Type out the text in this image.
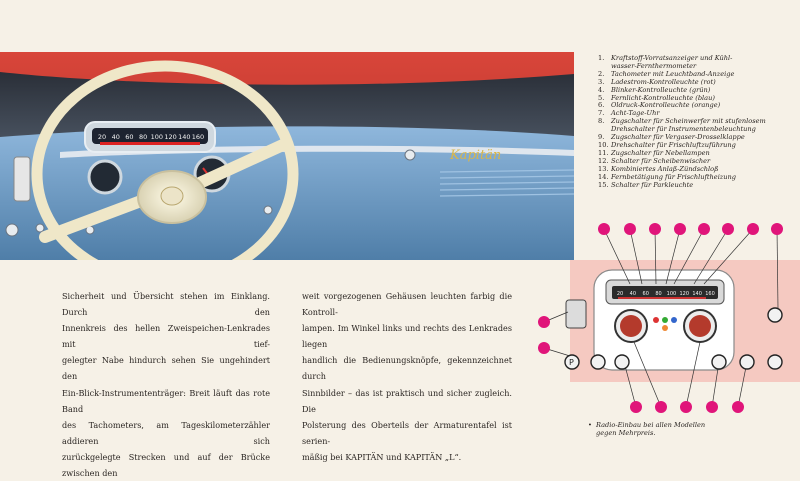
20 40 60 80 100 120 140 160
Kapitän
1.	Kraftstoff-Vorratsanzeiger und Kühl-
wasser-Fernthermometer
2.	Tachometer mit Leuchtband-Anzeige
3.	Ladestrom-Kontrolleuchte (rot)
4.	Blinker-Kontrolleuchte (grün)
5.	Fernlicht-Kontrolleuchte (blau)
6.	Oldruck-Kontrolleuchte (orange)
7.	Acht-Tage-Uhr
8.	Zugschalter für Scheinwerfer mit stufenlosem
Drehschalter für Instrumentenbeleuchtung
9.	Zugschalter für Vergaser-Drosselklappe
10. Drehschalter für Frischluftzuführung
11. Zugschalter für Nebellampen
12. Schalter für Scheibenwischer
13. Kombiniertes Anlaß-Zündschloß
14. Fernbetätigung für Frischluftheizung
15. Schalter für Parkleuchte

Sicherheit und Übersicht stehen im Einklang. Durch den

Innenkreis des hellen Zweispeichen-Lenkrades mit tief-

gelegter Nabe hindurch sehen Sie ungehindert den

Ein-Blick-Instrumententräger: Breit läuft das rote Band

des Tachometers, am Tageskilometerzähler addieren sich

zurückgelegte Strecken und auf der Brücke zwischen den

weit vorgezogenen Gehäusen leuchten farbig die Kontroll-

lampen. Im Winkel links und rechts des Lenkrades liegen

handlich die Bedienungsknöpfe, gekennzeichnet durch

Sinnbilder – das ist praktisch und sicher zugleich. Die

Polsterung des Oberteils der Armaturentafel ist serien-

mäßig bei KAPITÄN und KAPITÄN „L“.

20 40 60 80 100 120 140 160
P
• Radio-Einbau bei allen Modellen
gegen Mehrpreis.
